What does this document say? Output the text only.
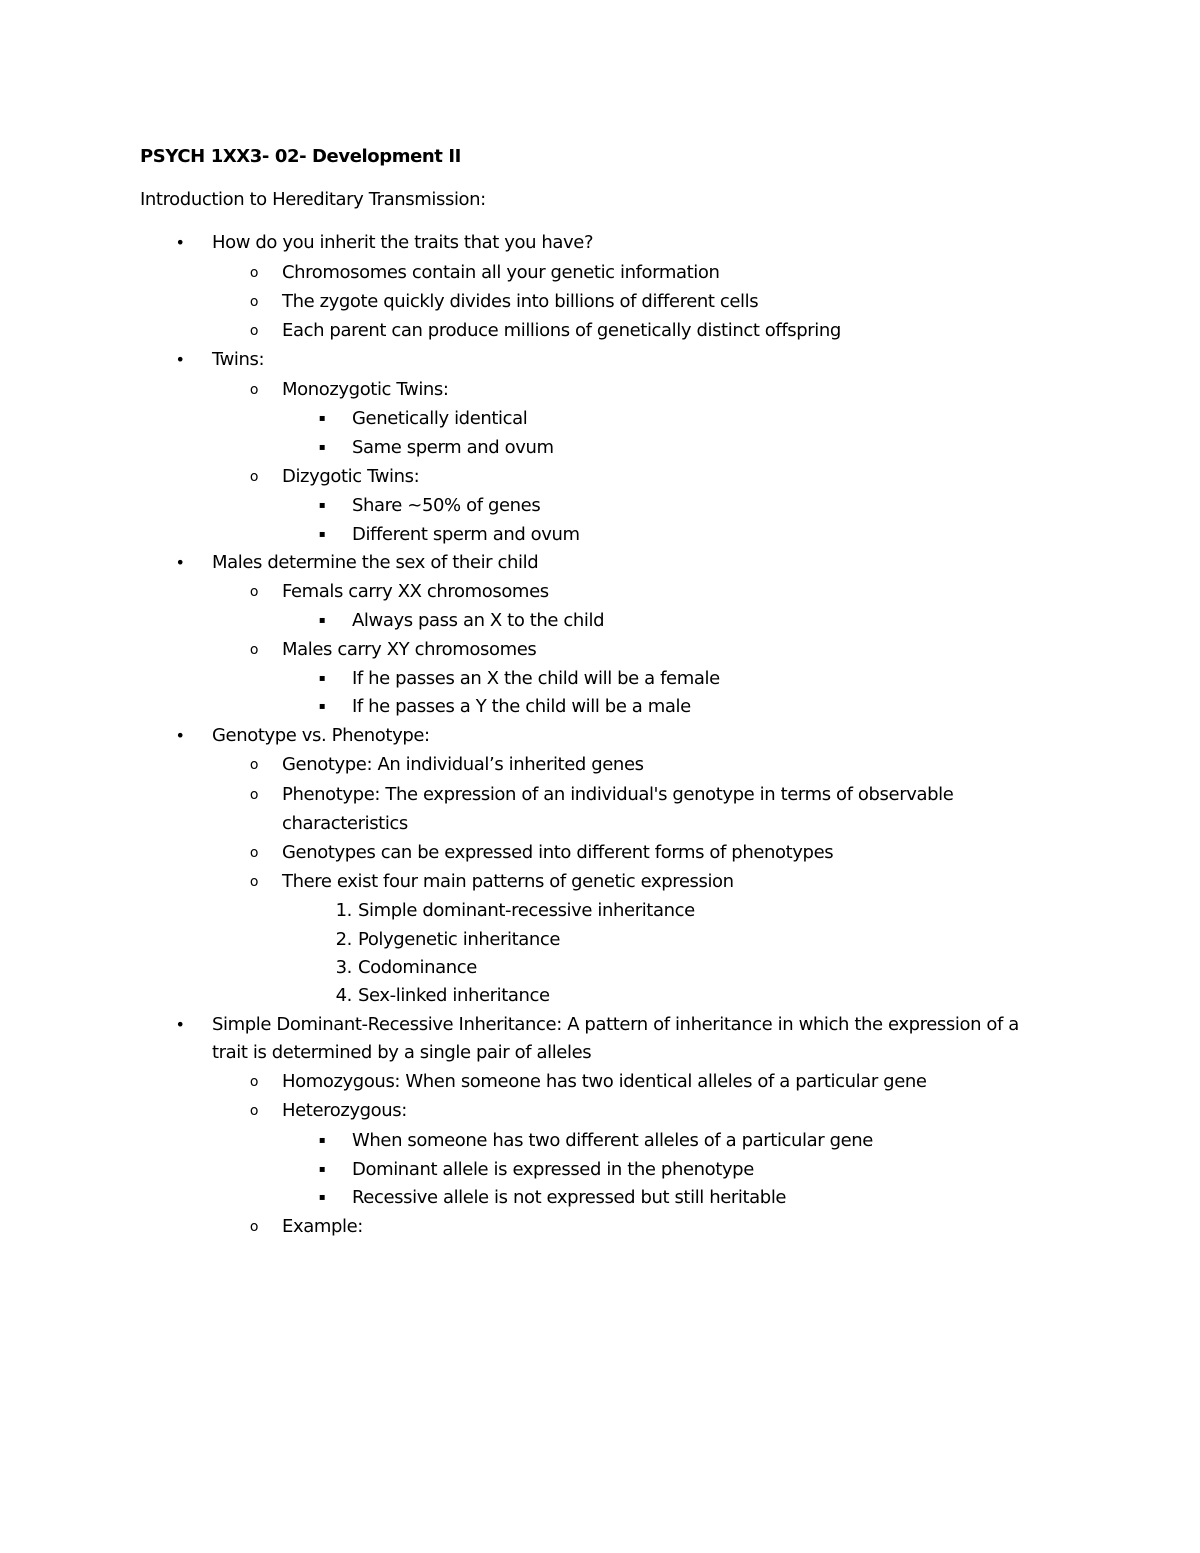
PSYCH 1XX3- 02- Development II
Introduction to Hereditary Transmission:
• How do you inherit the traits that you have?
o Chromosomes contain all your genetic information
o The zygote quickly divides into billions of different cells
o Each parent can produce millions of genetically distinct offspring
• Twins:
o Monozygotic Twins:
▪ Genetically identical
▪ Same sperm and ovum
o Dizygotic Twins:
▪ Share ~50% of genes
▪ Different sperm and ovum
• Males determine the sex of their child
o Femals carry XX chromosomes
▪ Always pass an X to the child
o Males carry XY chromosomes
▪ If he passes an X the child will be a female
▪ If he passes a Y the child will be a male
• Genotype vs. Phenotype:
o Genotype: An individual’s inherited genes
o Phenotype: The expression of an individual's genotype in terms of observable
characteristics
o Genotypes can be expressed into different forms of phenotypes
o There exist four main patterns of genetic expression
1. Simple dominant-recessive inheritance
2. Polygenetic inheritance
3. Codominance
4. Sex-linked inheritance
• Simple Dominant-Recessive Inheritance: A pattern of inheritance in which the expression of a
trait is determined by a single pair of alleles
o Homozygous: When someone has two identical alleles of a particular gene
o Heterozygous:
▪ When someone has two different alleles of a particular gene
▪ Dominant allele is expressed in the phenotype
▪ Recessive allele is not expressed but still heritable
o Example:
